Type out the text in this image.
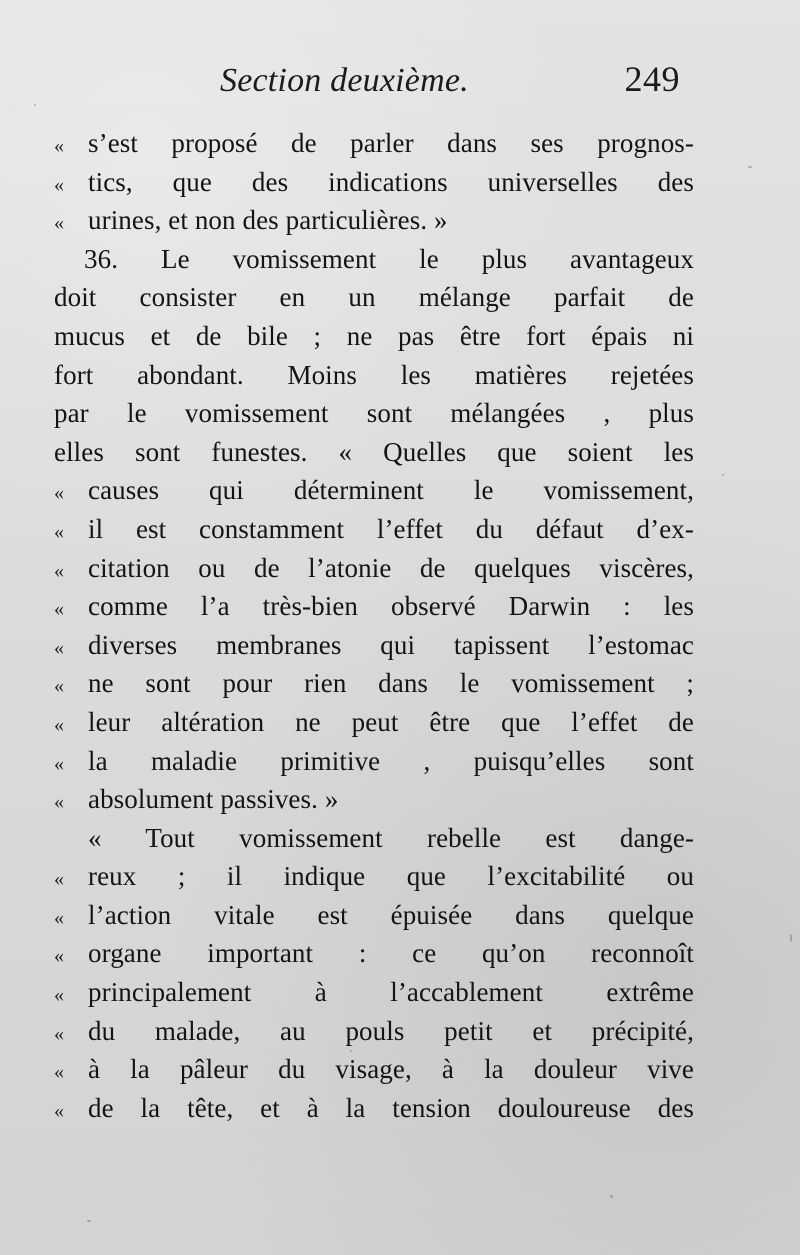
Section deuxième.	249
« s’est proposé de parler dans ses prognos-
« tics, que des indications universelles des
« urines, et non des particulières. »
36. Le vomissement le plus avantageux
doit consister en un mélange parfait de
mucus et de bile ; ne pas être fort épais ni
fort abondant. Moins les matières rejetées
par le vomissement sont mélangées , plus
elles sont funestes. « Quelles que soient les
« causes qui déterminent le vomissement,
« il est constamment l’effet du défaut d’ex-
« citation ou de l’atonie de quelques viscères,
« comme l’a très-bien observé Darwin : les
« diverses membranes qui tapissent l’estomac
« ne sont pour rien dans le vomissement ;
« leur altération ne peut être que l’effet de
« la maladie primitive , puisqu’elles sont
« absolument passives. »
« Tout vomissement rebelle est dange-
« reux ; il indique que l’excitabilité ou
« l’action vitale est épuisée dans quelque
« organe important : ce qu’on reconnoît
« principalement à l’accablement extrême
« du malade, au pouls petit et précipité,
« à la pâleur du visage, à la douleur vive
« de la tête, et à la tension douloureuse des
